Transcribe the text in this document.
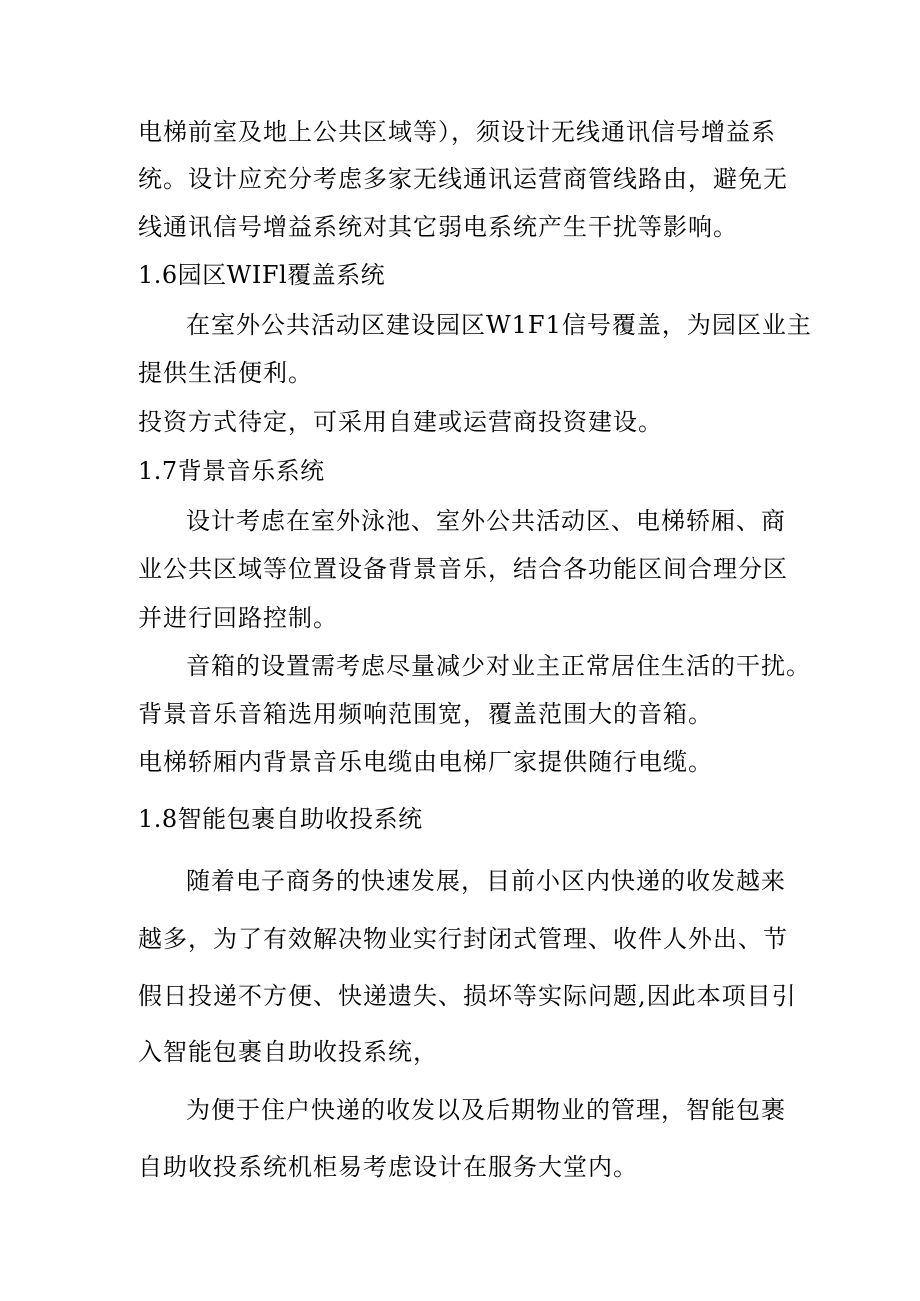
电梯前室及地上公共区域等），须设计无线通讯信号增益系
统。设计应充分考虑多家无线通讯运营商管线路由，避免无
线通讯信号增益系统对其它弱电系统产生干扰等影响。
1.6园区WIFl覆盖系统
在室外公共活动区建设园区W1F1信号覆盖，为园区业主
提供生活便利。
投资方式待定，可采用自建或运营商投资建设。
1.7背景音乐系统
设计考虑在室外泳池、室外公共活动区、电梯轿厢、商
业公共区域等位置设备背景音乐，结合各功能区间合理分区
并进行回路控制。
音箱的设置需考虑尽量减少对业主正常居住生活的干扰。
背景音乐音箱选用频响范围宽，覆盖范围大的音箱。
电梯轿厢内背景音乐电缆由电梯厂家提供随行电缆。
1.8智能包裹自助收投系统
随着电子商务的快速发展，目前小区内快递的收发越来
越多，为了有效解决物业实行封闭式管理、收件人外出、节
假日投递不方便、快递遗失、损坏等实际问题,因此本项目引
入智能包裹自助收投系统，
为便于住户快递的收发以及后期物业的管理，智能包裹
自助收投系统机柜易考虑设计在服务大堂内。
